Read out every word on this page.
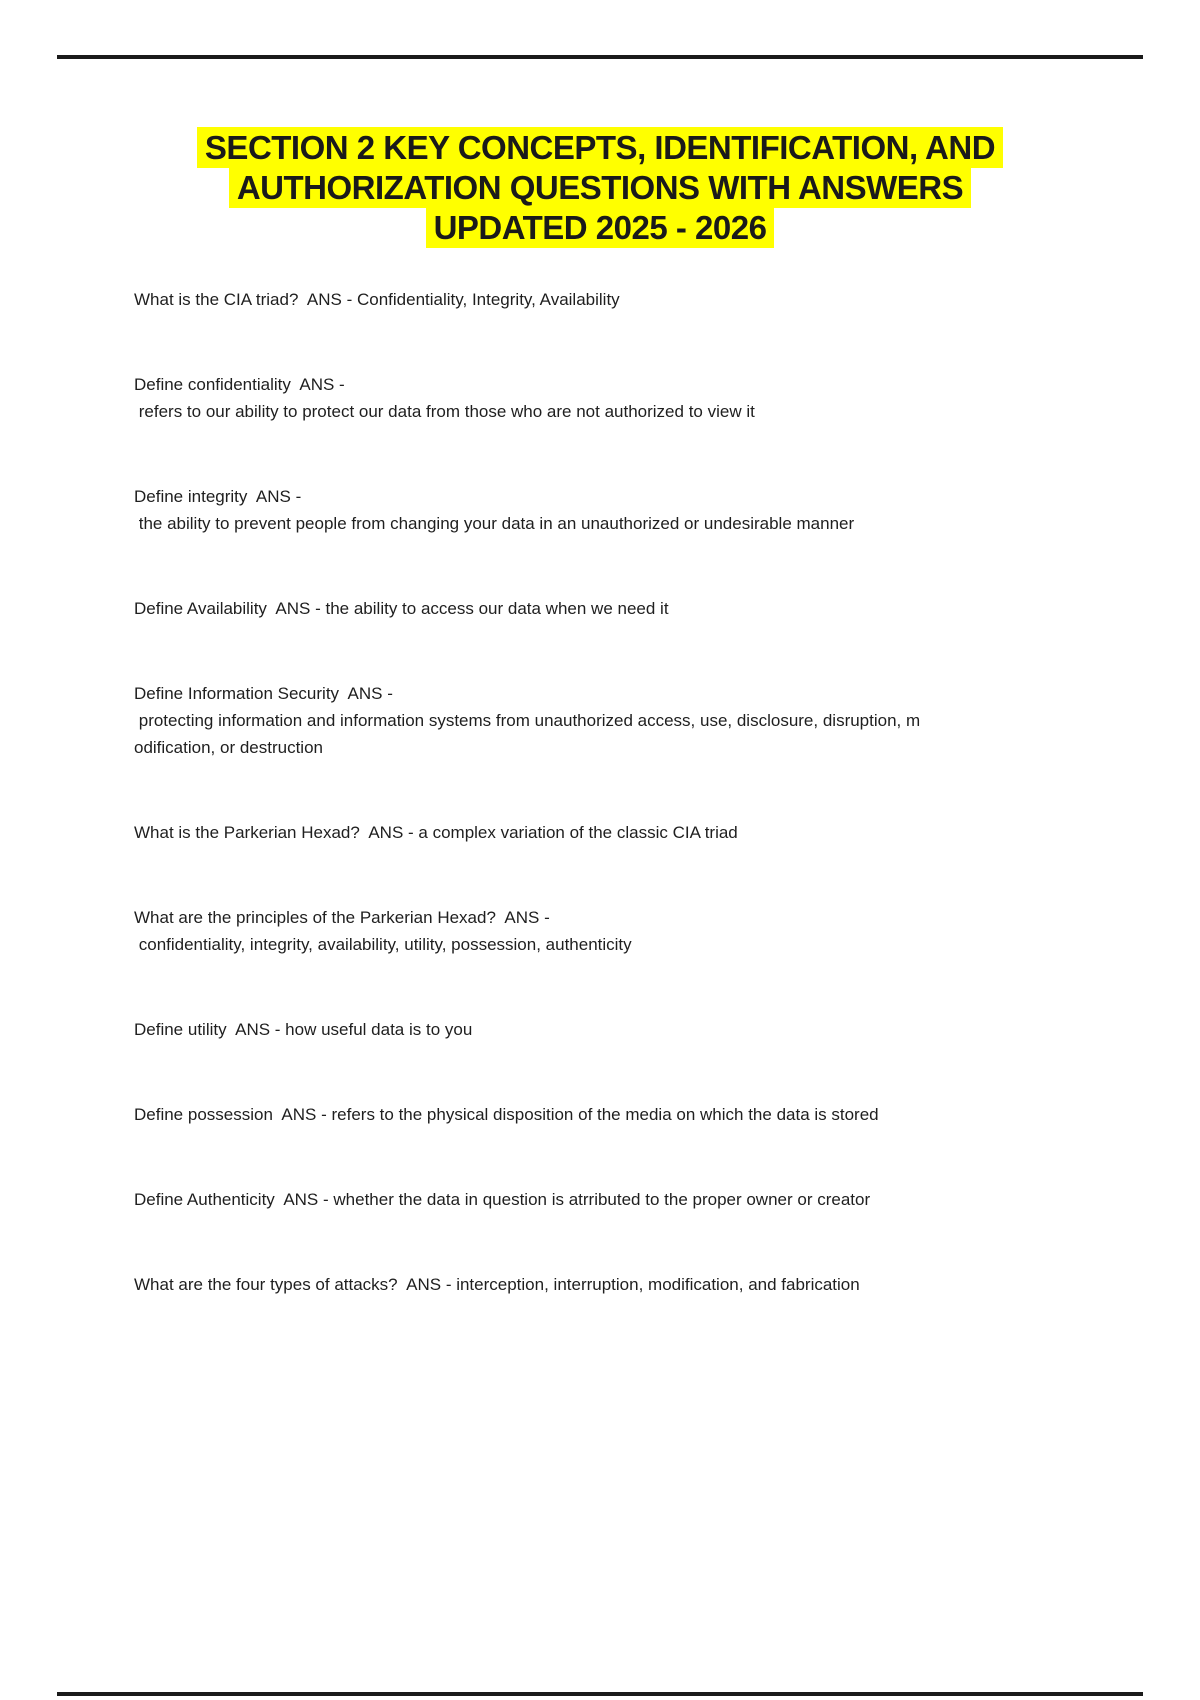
SECTION 2 KEY CONCEPTS, IDENTIFICATION, AND
AUTHORIZATION QUESTIONS WITH ANSWERS
UPDATED 2025 - 2026
What is the CIA triad?  ANS - Confidentiality, Integrity, Availability
Define confidentiality  ANS -
refers to our ability to protect our data from those who are not authorized to view it
Define integrity  ANS -
the ability to prevent people from changing your data in an unauthorized or undesirable manner
Define Availability  ANS - the ability to access our data when we need it
Define Information Security  ANS -
protecting information and information systems from unauthorized access, use, disclosure, disruption, m
odification, or destruction
What is the Parkerian Hexad?  ANS - a complex variation of the classic CIA triad
What are the principles of the Parkerian Hexad?  ANS -
confidentiality, integrity, availability, utility, possession, authenticity
Define utility  ANS - how useful data is to you
Define possession  ANS - refers to the physical disposition of the media on which the data is stored
Define Authenticity  ANS - whether the data in question is atrributed to the proper owner or creator
What are the four types of attacks?  ANS - interception, interruption, modification, and fabrication
